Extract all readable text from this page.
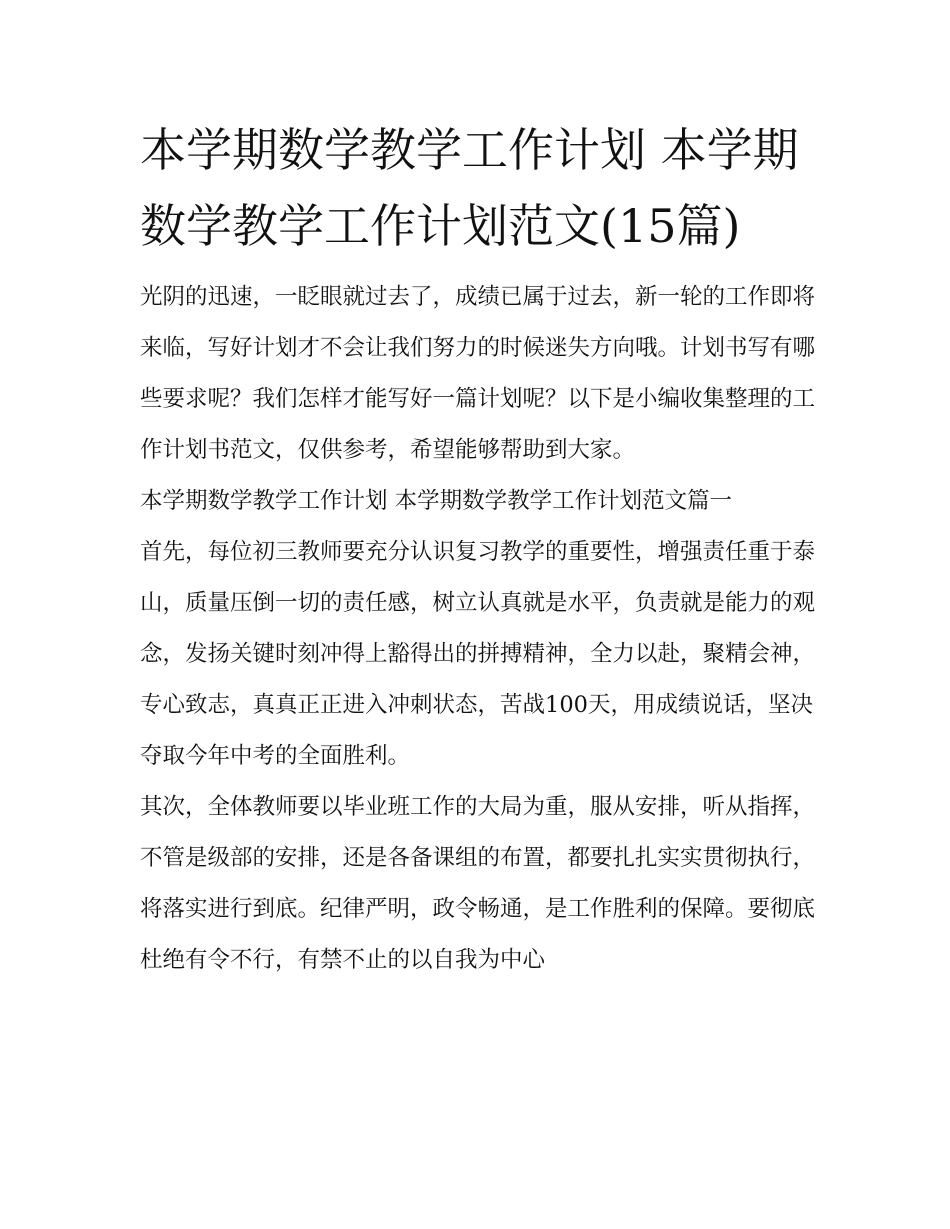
本学期数学教学工作计划 本学期数学教学工作计划范文(15篇)

光阴的迅速，一眨眼就过去了，成绩已属于过去，新一轮的工作即将来临，写好计划才不会让我们努力的时候迷失方向哦。计划书写有哪些要求呢？我们怎样才能写好一篇计划呢？以下是小编收集整理的工作计划书范文，仅供参考，希望能够帮助到大家。

本学期数学教学工作计划 本学期数学教学工作计划范文篇一

首先，每位初三教师要充分认识复习教学的重要性，增强责任重于泰山，质量压倒一切的责任感，树立认真就是水平，负责就是能力的观念，发扬关键时刻冲得上豁得出的拼搏精神，全力以赴，聚精会神，专心致志，真真正正进入冲刺状态，苦战100天，用成绩说话，坚决夺取今年中考的全面胜利。

其次，全体教师要以毕业班工作的大局为重，服从安排，听从指挥，不管是级部的安排，还是各备课组的布置，都要扎扎实实贯彻执行，将落实进行到底。纪律严明，政令畅通，是工作胜利的保障。要彻底杜绝有令不行，有禁不止的以自我为中心
